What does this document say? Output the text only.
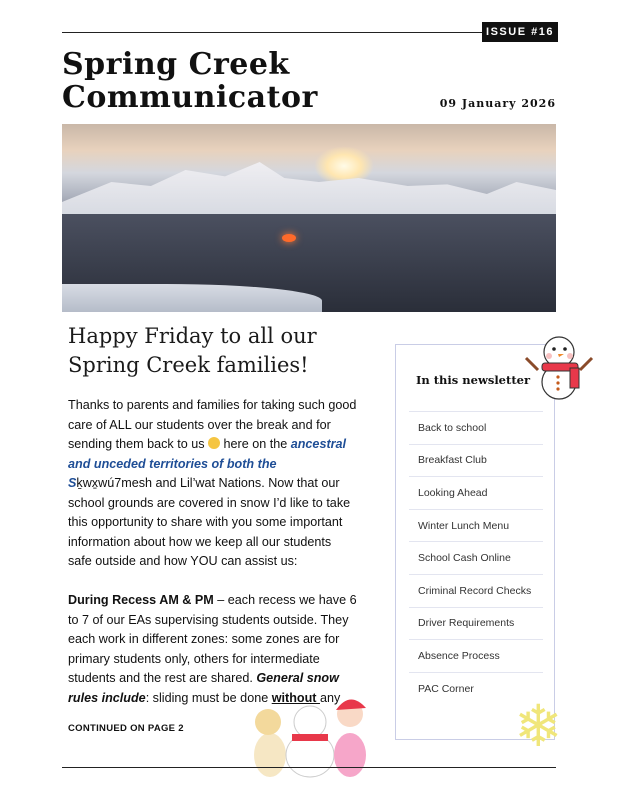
ISSUE #16
Spring Creek
Communicator	09 January 2026
Happy Friday to all our
Spring Creek families!

Thanks to parents and families for taking such good care of ALL our students over the break and for sending them back to us  here on the ancestral and unceded territories of both the Sḵwx̱wú7mesh and Lil’wat Nations. Now that our school grounds are covered in snow I’d like to take this opportunity to share with you some important information about how we keep all our students safe outside and how YOU can assist us:

During Recess AM & PM – each recess we have 6 to 7 of our EAs supervising students outside. They each work in different zones: some zones are for primary students only, others for intermediate students and the rest are shared. General snow rules include: sliding must be done without any

In this newsletter
Back to school
Breakfast Club
Looking Ahead
Winter Lunch Menu
School Cash Online
Criminal Record Checks
Driver Requirements
Absence Process
PAC Corner
❄
CONTINUED ON PAGE 2
